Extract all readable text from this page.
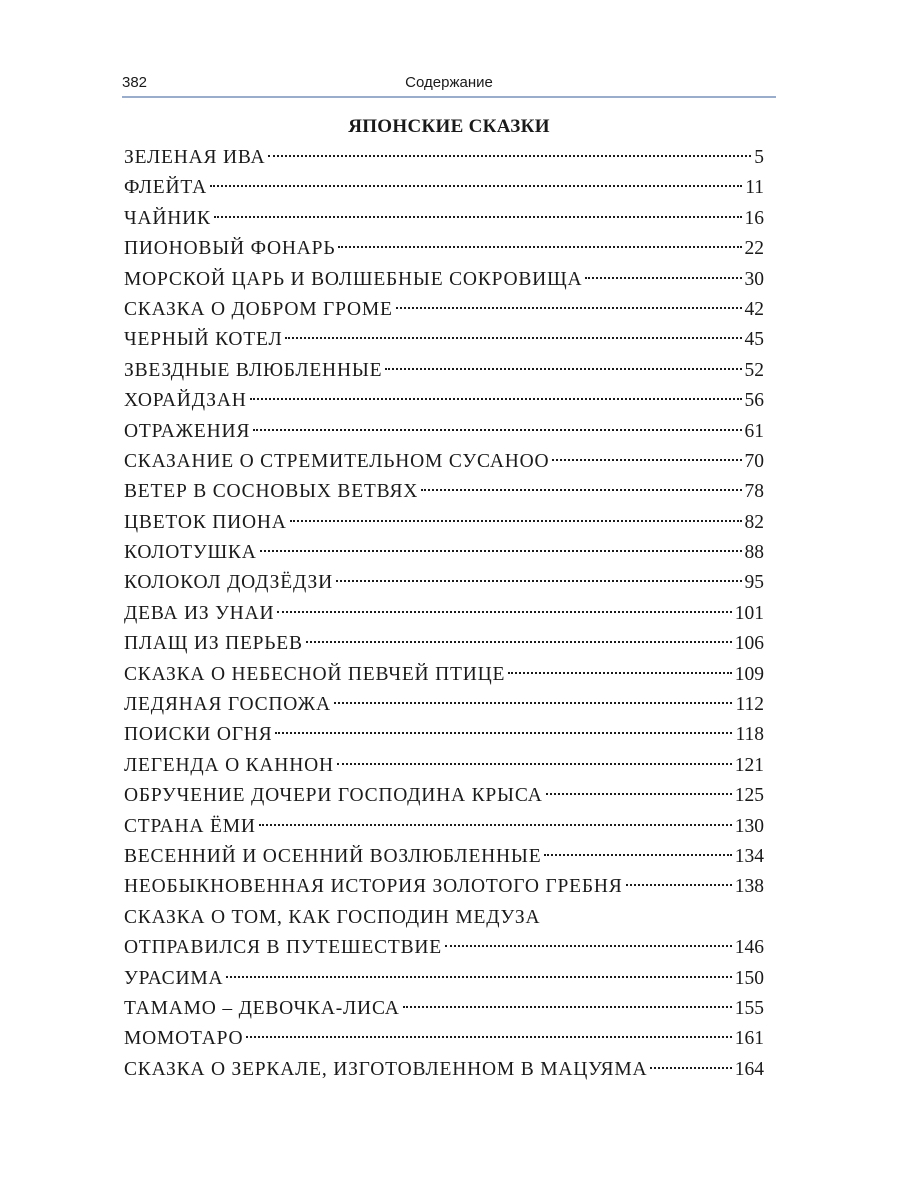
382	Содержание
ЯПОНСКИЕ СКАЗКИ
ЗЕЛЕНАЯ ИВА	5
ФЛЕЙТА	11
ЧАЙНИК	16
ПИОНОВЫЙ ФОНАРЬ	22
МОРСКОЙ ЦАРЬ И ВОЛШЕБНЫЕ СОКРОВИЩА	30
СКАЗКА О ДОБРОМ ГРОМЕ	42
ЧЕРНЫЙ КОТЕЛ	45
ЗВЕЗДНЫЕ ВЛЮБЛЕННЫЕ	52
ХОРАЙДЗАН	56
ОТРАЖЕНИЯ	61
СКАЗАНИЕ О СТРЕМИТЕЛЬНОМ СУСАНОО	70
ВЕТЕР В СОСНОВЫХ ВЕТВЯХ	78
ЦВЕТОК ПИОНА	82
КОЛОТУШКА	88
КОЛОКОЛ ДОДЗЁДЗИ	95
ДЕВА ИЗ УНАИ	101
ПЛАЩ ИЗ ПЕРЬЕВ	106
СКАЗКА О НЕБЕСНОЙ ПЕВЧЕЙ ПТИЦЕ	109
ЛЕДЯНАЯ ГОСПОЖА	112
ПОИСКИ ОГНЯ	118
ЛЕГЕНДА О КАННОН	121
ОБРУЧЕНИЕ ДОЧЕРИ ГОСПОДИНА КРЫСА	125
СТРАНА ЁМИ	130
ВЕСЕННИЙ И ОСЕННИЙ ВОЗЛЮБЛЕННЫЕ	134
НЕОБЫКНОВЕННАЯ ИСТОРИЯ ЗОЛОТОГО ГРЕБНЯ	138
СКАЗКА О ТОМ, КАК ГОСПОДИН МЕДУЗА
ОТПРАВИЛСЯ В ПУТЕШЕСТВИЕ	146
УРАСИМА	150
ТАМАМО – ДЕВОЧКА-ЛИСА	155
МОМОТАРО	161
СКАЗКА О ЗЕРКАЛЕ, ИЗГОТОВЛЕННОМ В МАЦУЯМА	164
